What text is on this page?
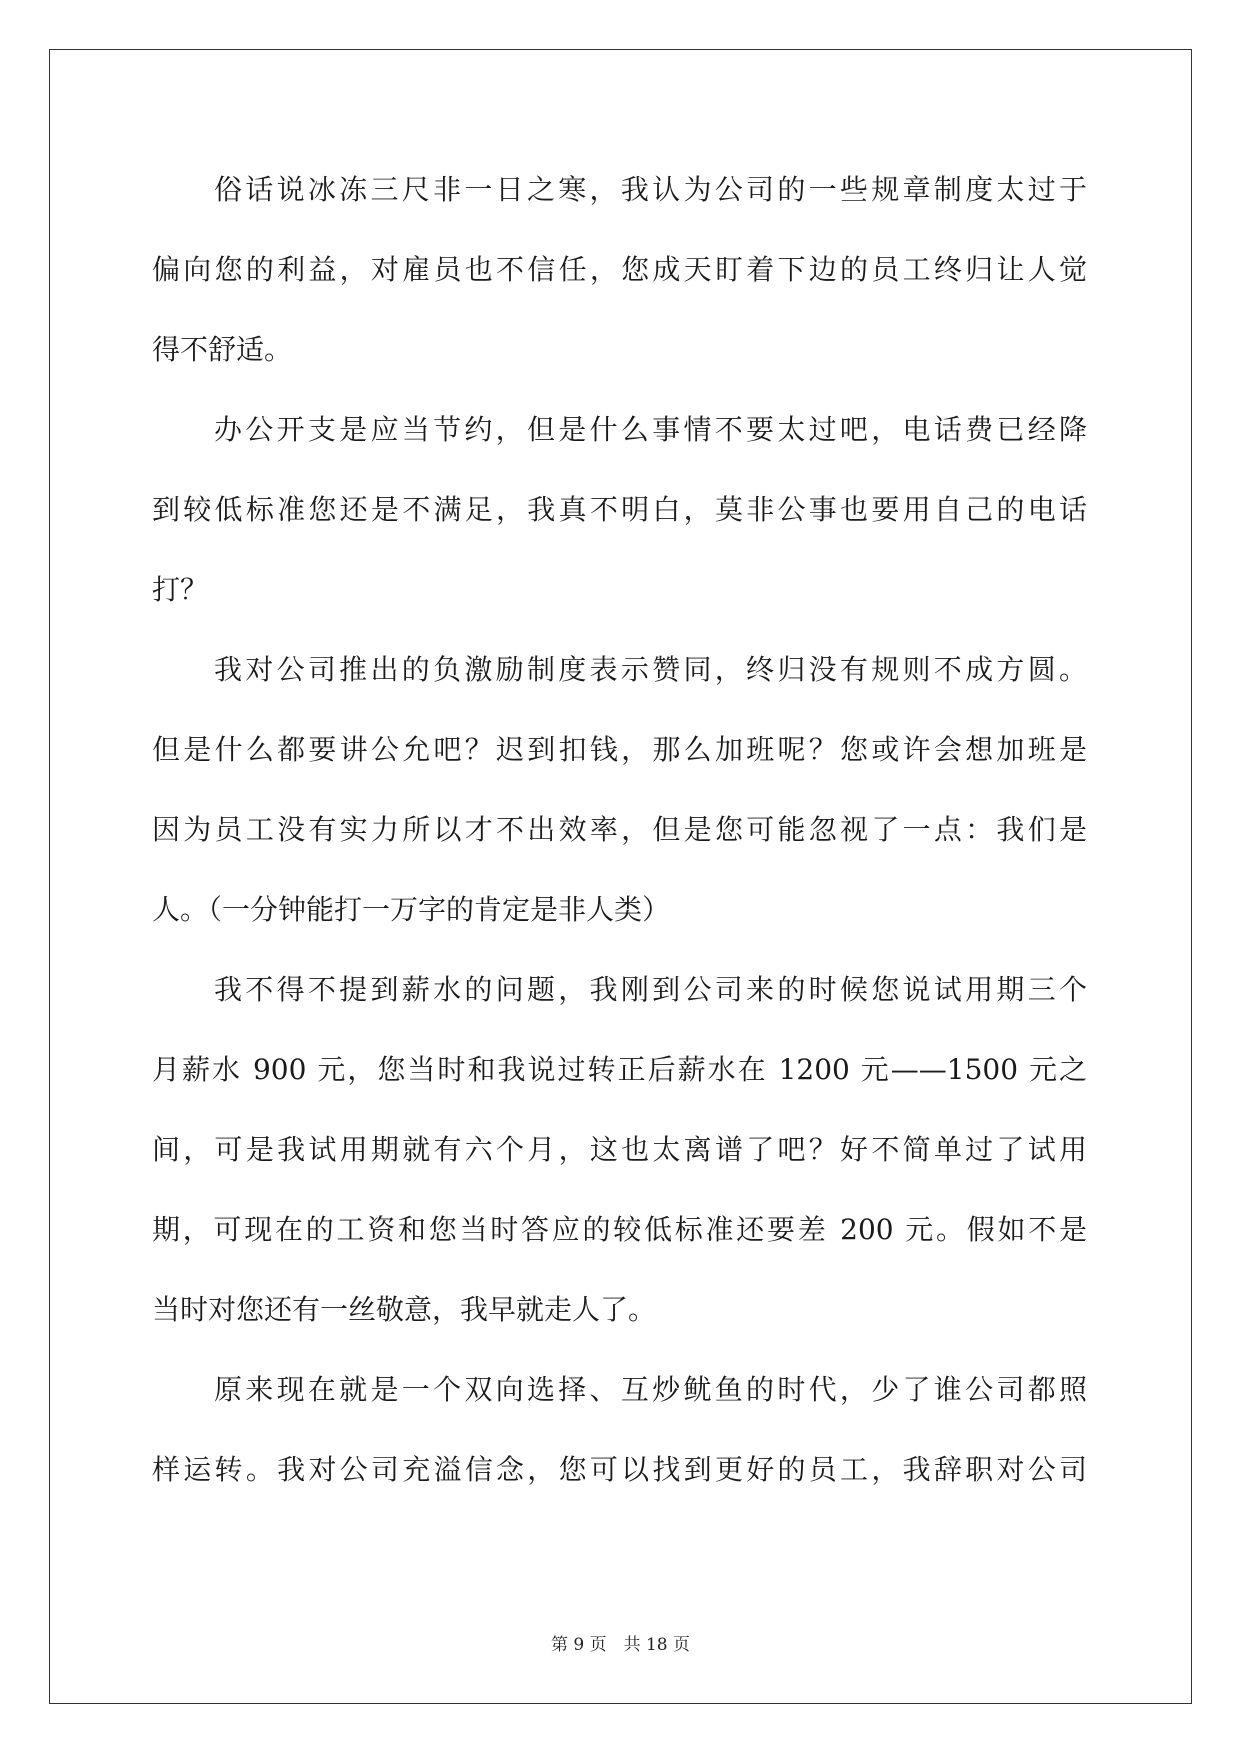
俗话说冰冻三尺非一日之寒，我认为公司的一些规章制度太过于
偏向您的利益，对雇员也不信任，您成天盯着下边的员工终归让人觉
得不舒适。
办公开支是应当节约，但是什么事情不要太过吧，电话费已经降
到较低标准您还是不满足，我真不明白，莫非公事也要用自己的电话
打？
我对公司推出的负激励制度表示赞同，终归没有规则不成方圆。
但是什么都要讲公允吧？迟到扣钱，那么加班呢？您或许会想加班是
因为员工没有实力所以才不出效率，但是您可能忽视了一点：我们是
人。（一分钟能打一万字的肯定是非人类）
我不得不提到薪水的问题，我刚到公司来的时候您说试用期三个
月薪水 900 元，您当时和我说过转正后薪水在 1200 元——1500 元之
间，可是我试用期就有六个月，这也太离谱了吧？好不简单过了试用
期，可现在的工资和您当时答应的较低标准还要差 200 元。假如不是
当时对您还有一丝敬意，我早就走人了。
原来现在就是一个双向选择、互炒鱿鱼的时代，少了谁公司都照
样运转。我对公司充溢信念，您可以找到更好的员工，我辞职对公司
第 9 页　共 18 页
